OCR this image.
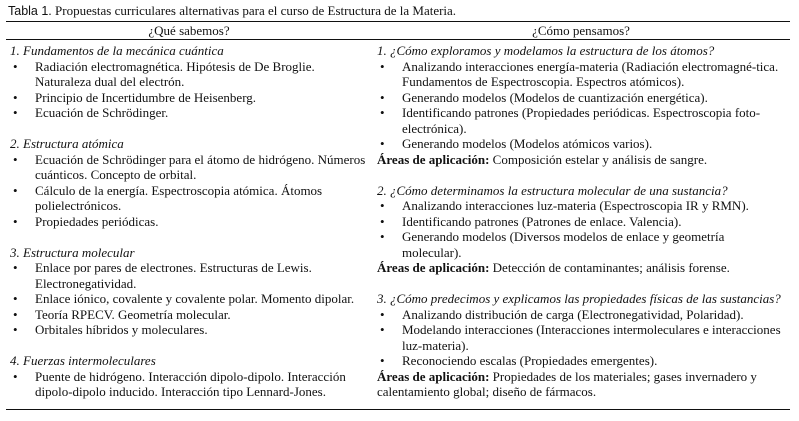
Tabla 1. Propuestas curriculares alternativas para el curso de Estructura de la Materia.
¿Qué sabemos?	¿Cómo pensamos?
1. Fundamentos de la mecánica cuántica
• Radiación electromagnética. Hipótesis de De Broglie. Naturaleza dual del electrón.
• Principio de Incertidumbre de Heisenberg.
• Ecuación de Schrödinger.
2. Estructura atómica
• Ecuación de Schrödinger para el átomo de hidrógeno. Números cuánticos. Concepto de orbital.
• Cálculo de la energía. Espectroscopia atómica. Átomos polielectrónicos.
• Propiedades periódicas.
3. Estructura molecular
• Enlace por pares de electrones. Estructuras de Lewis. Electronegatividad.
• Enlace iónico, covalente y covalente polar. Momento dipolar.
• Teoría RPECV. Geometría molecular.
• Orbitales híbridos y moleculares.
4. Fuerzas intermoleculares
• Puente de hidrógeno. Interacción dipolo-dipolo. Interacción dipolo-dipolo inducido. Interacción tipo Lennard-Jones.
1. ¿Cómo exploramos y modelamos la estructura de los átomos?
• Analizando interacciones energía-materia (Radiación electromagné-tica. Fundamentos de Espectroscopia. Espectros atómicos).
• Generando modelos (Modelos de cuantización energética).
• Identificando patrones (Propiedades periódicas. Espectroscopia foto-electrónica).
• Generando modelos (Modelos atómicos varios).
Áreas de aplicación: Composición estelar y análisis de sangre.
2. ¿Cómo determinamos la estructura molecular de una sustancia?
• Analizando interacciones luz-materia (Espectroscopia IR y RMN).
• Identificando patrones (Patrones de enlace. Valencia).
• Generando modelos (Diversos modelos de enlace y geometría molecular).
Áreas de aplicación: Detección de contaminantes; análisis forense.
3. ¿Cómo predecimos y explicamos las propiedades físicas de las sustancias?
• Analizando distribución de carga (Electronegatividad, Polaridad).
• Modelando interacciones (Interacciones intermoleculares e interacciones luz-materia).
• Reconociendo escalas (Propiedades emergentes).
Áreas de aplicación: Propiedades de los materiales; gases invernadero y calentamiento global; diseño de fármacos.
